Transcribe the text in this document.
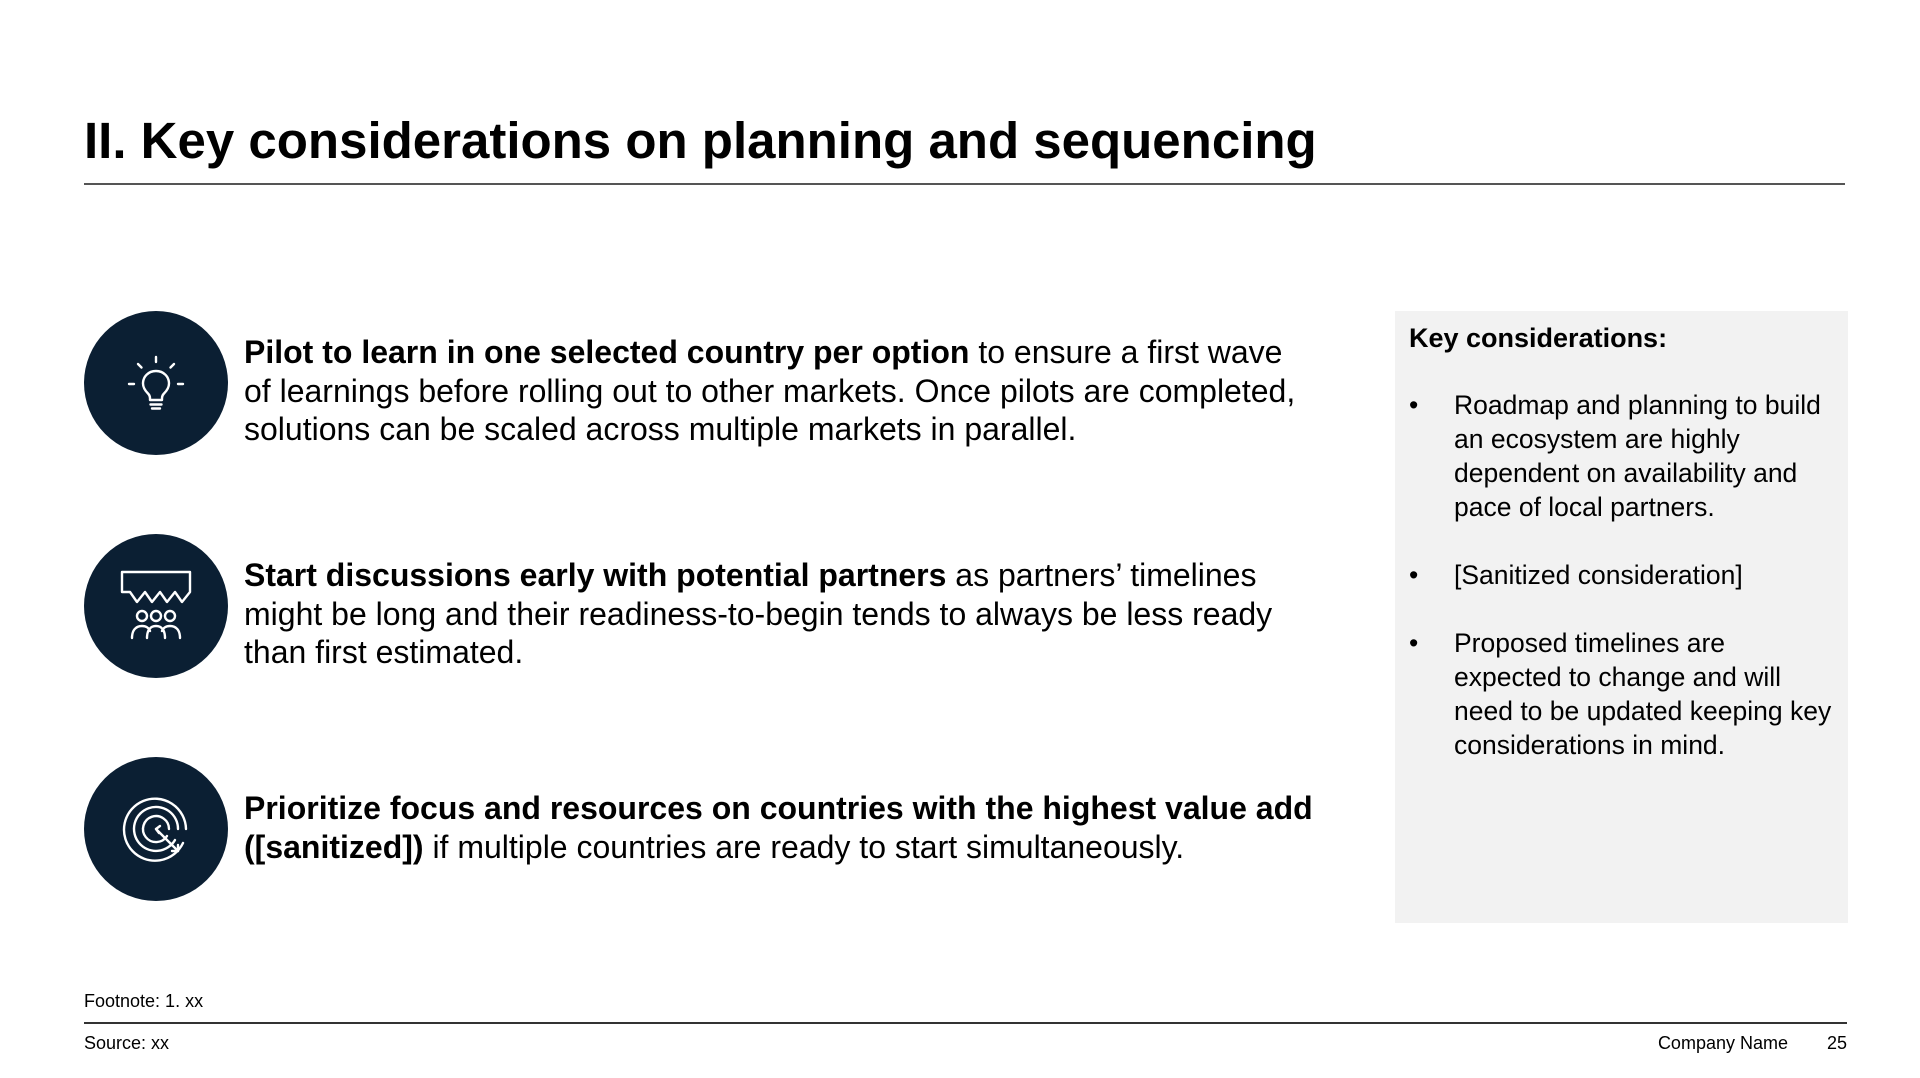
II. Key considerations on planning and sequencing
Pilot to learn in one selected country per option to ensure a first wave of learnings before rolling out to other markets. Once pilots are completed, solutions can be scaled across multiple markets in parallel.
Start discussions early with potential partners as partners’ timelines might be long and their readiness-to-begin tends to always be less ready than first estimated.
Prioritize focus and resources on countries with the highest value add ([sanitized]) if multiple countries are ready to start simultaneously.
Key considerations:
• Roadmap and planning to build an ecosystem are highly dependent on availability and pace of local partners.
• [Sanitized consideration]
• Proposed timelines are expected to change and will need to be updated keeping key considerations in mind.
Footnote: 1. xx
Source: xx	Company Name	25
